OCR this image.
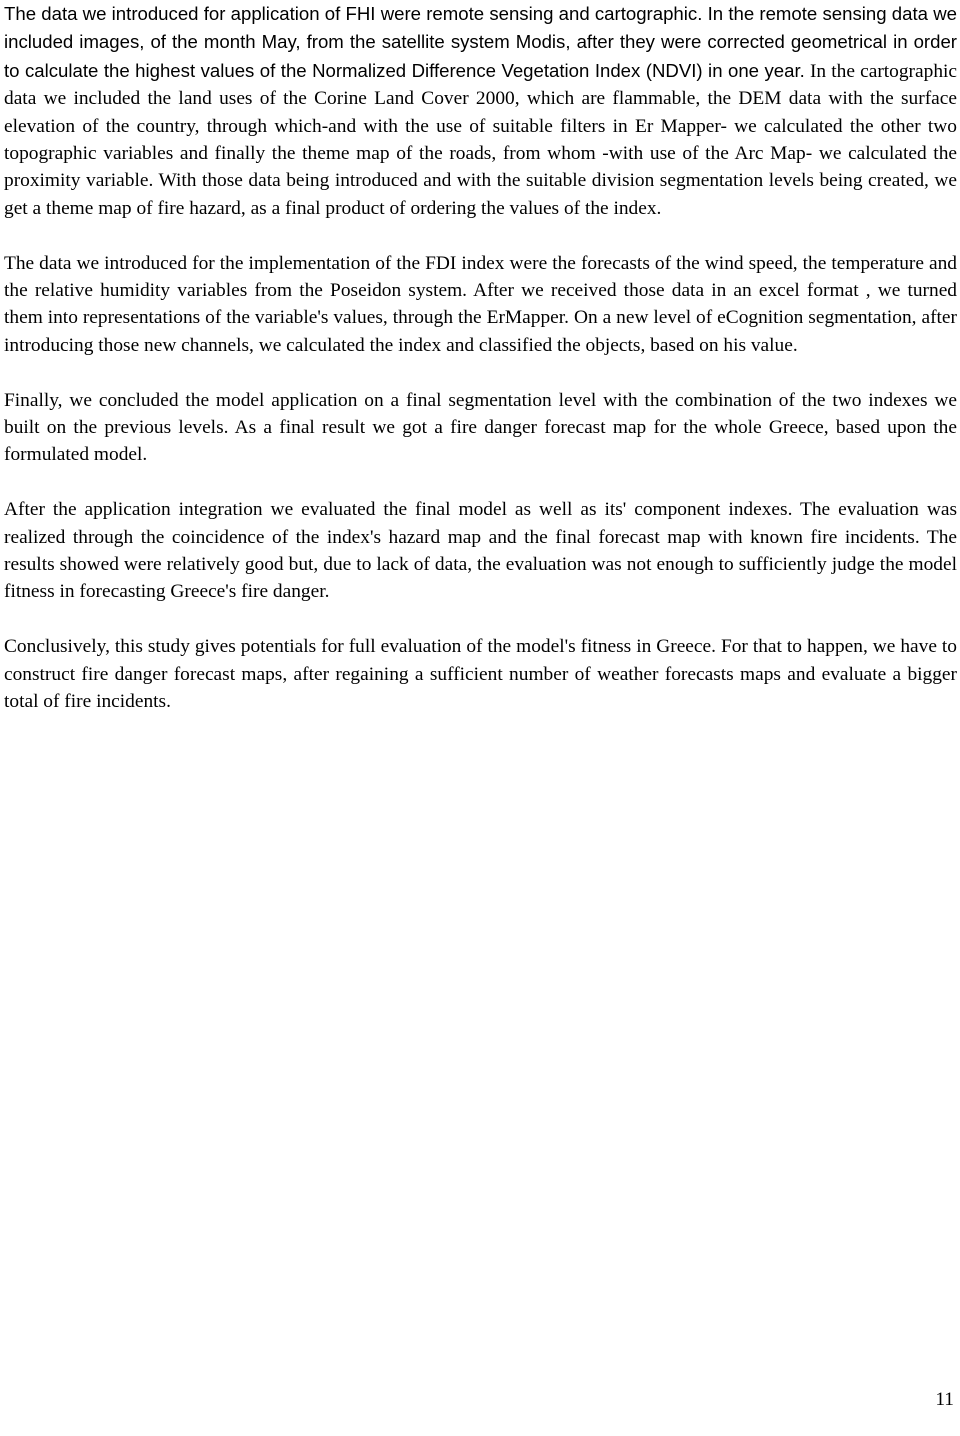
The data we introduced for application of FHI were remote sensing and cartographic. In the remote sensing data we included images, of the month May, from the satellite system Modis, after they were corrected geometrical in order to calculate the highest values of the Normalized Difference Vegetation Index (NDVI) in one year. In the cartographic data we included the land uses of the Corine Land Cover 2000, which are flammable, the DEM data with the surface elevation of the country, through which-and with the use of suitable filters in Er Mapper- we calculated the other two topographic variables and finally the theme map of the roads, from whom -with use of the Arc Map- we calculated the proximity variable. With those data being introduced and with the suitable division segmentation levels being created, we get a theme map of fire hazard, as a final product of ordering the values of the index.

The data we introduced for the implementation of the FDI index were the forecasts of the wind speed, the temperature and the relative humidity variables from the Poseidon system. After we received those data in an excel format , we turned them into representations of the variable's values, through the ErMapper. On a new level of eCognition segmentation, after introducing those new channels, we calculated the index and classified the objects, based on his value.

Finally, we concluded the model application on a final segmentation level with the combination of the two indexes we built on the previous levels. As a final result we got a fire danger forecast map for the whole Greece, based upon the formulated model.

After the application integration we evaluated the final model as well as its' component indexes. The evaluation was realized through the coincidence of the index's hazard map and the final forecast map with known fire incidents. The results showed were relatively good but, due to lack of data, the evaluation was not enough to sufficiently judge the model fitness in forecasting Greece's fire danger.

Conclusively, this study gives potentials for full evaluation of the model's fitness in Greece. For that to happen, we have to construct fire danger forecast maps, after regaining a sufficient number of weather forecasts maps and evaluate a bigger total of fire incidents.

11
